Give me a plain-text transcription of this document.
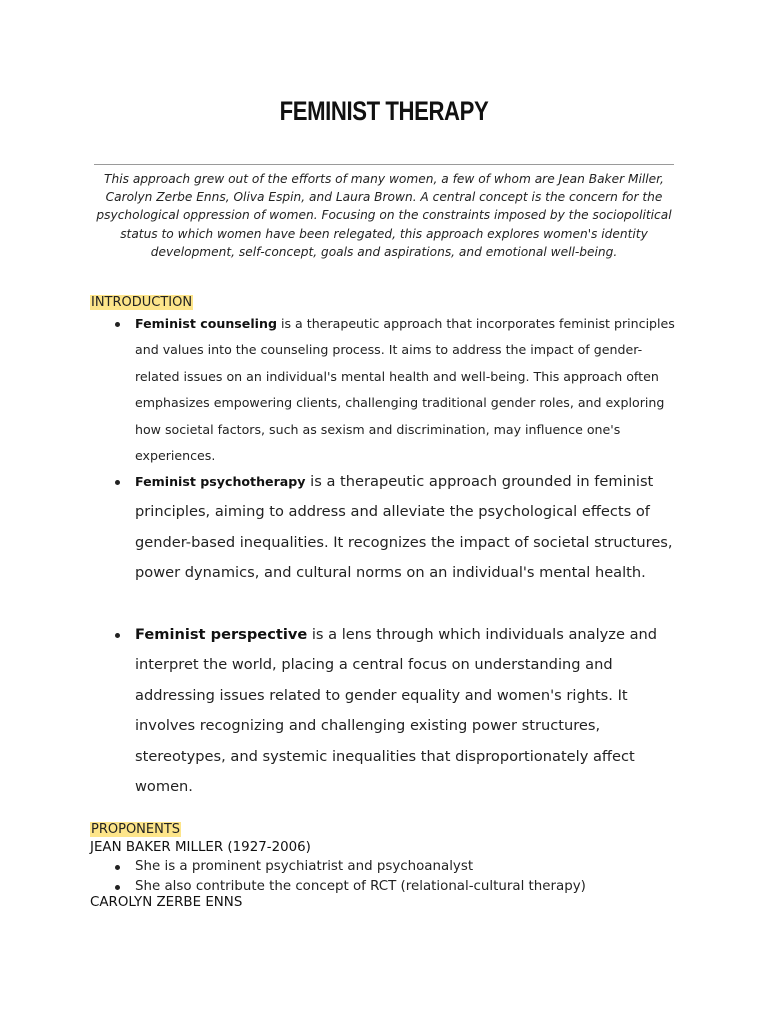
FEMINIST THERAPY
This approach grew out of the efforts of many women, a few of whom are Jean Baker Miller, Carolyn Zerbe Enns, Oliva Espin, and Laura Brown. A central concept is the concern for the psychological oppression of women. Focusing on the constraints imposed by the sociopolitical status to which women have been relegated, this approach explores women's identity development, self-concept, goals and aspirations, and emotional well-being.
INTRODUCTION
Feminist counseling is a therapeutic approach that incorporates feminist principles and values into the counseling process. It aims to address the impact of gender-related issues on an individual's mental health and well-being. This approach often emphasizes empowering clients, challenging traditional gender roles, and exploring how societal factors, such as sexism and discrimination, may influence one's experiences.
Feminist psychotherapy is a therapeutic approach grounded in feminist principles, aiming to address and alleviate the psychological effects of gender-based inequalities. It recognizes the impact of societal structures, power dynamics, and cultural norms on an individual's mental health.
Feminist perspective is a lens through which individuals analyze and interpret the world, placing a central focus on understanding and addressing issues related to gender equality and women's rights. It involves recognizing and challenging existing power structures, stereotypes, and systemic inequalities that disproportionately affect women.
PROPONENTS
JEAN BAKER MILLER (1927-2006)
She is a prominent psychiatrist and psychoanalyst
She also contribute the concept of RCT (relational-cultural therapy)
CAROLYN ZERBE ENNS
